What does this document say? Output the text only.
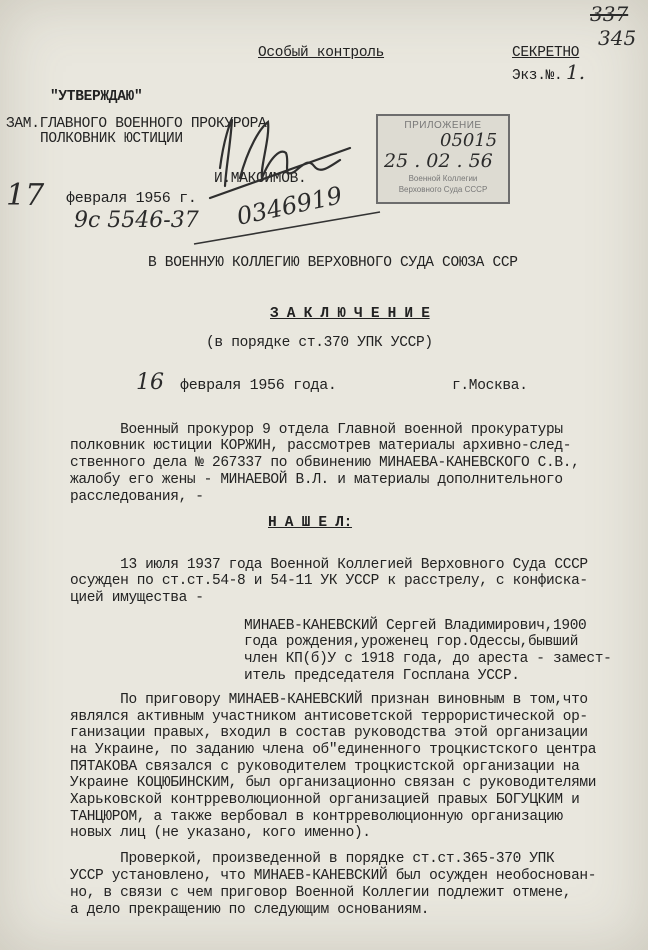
337
345
Особый контроль	СЕКРЕТНО
Экз.№. 1.
"УТВЕРЖДАЮ"
ЗАМ.ГЛАВНОГО ВОЕННОГО ПРОКУРОРА
ПОЛКОВНИК ЮСТИЦИИ
И.МАКСИМОВ.
17 февраля 1956 г.
9с 5546-37 0346919
ПРИЛОЖЕНИЕ
05015
25 . 02 . 56
Военной Коллегии
Верховного Суда СССР
В ВОЕННУЮ КОЛЛЕГИЮ ВЕРХОВНОГО СУДА СОЮЗА ССР
З А К Л Ю Ч Е Н И Е
(в порядке ст.370 УПК УССР)
16 февраля 1956 года.	г.Москва.
Военный прокурор 9 отдела Главной военной прокуратуры
полковник юстиции КОРЖИН, рассмотрев материалы архивно-след-
ственного дела № 267337 по обвинению МИНАЕВА-КАНЕВСКОГО С.В.,
жалобу его жены - МИНАЕВОЙ В.Л. и материалы дополнительного
расследования, -
Н А Ш Е Л:
13 июля 1937 года Военной Коллегией Верховного Суда СССР
осужден по ст.ст.54-8 и 54-11 УК УССР к расстрелу, с конфиска-
цией имущества -
МИНАЕВ-КАНЕВСКИЙ Сергей Владимирович,1900
года рождения,уроженец гор.Одессы,бывший
член КП(б)У с 1918 года, до ареста - замест-
итель председателя Госплана УССР.
По приговору МИНАЕВ-КАНЕВСКИЙ признан виновным в том,что
являлся активным участником антисоветской террористической ор-
ганизации правых, входил в состав руководства этой организации
на Украине, по заданию члена об"единенного троцкистского центра
ПЯТАКОВА связался с руководителем троцкистской организации на
Украине КОЦЮБИНСКИМ, был организационно связан с руководителями
Харьковской контрреволюционной организацией правых БОГУЦКИМ и
ТАНЦЮРОМ, а также вербовал в контрреволюционную организацию
новых лиц (не указано, кого именно).
Проверкой, произведенной в порядке ст.ст.365-370 УПК
УССР установлено, что МИНАЕВ-КАНЕВСКИЙ был осужден необоснован-
но, в связи с чем приговор Военной Коллегии подлежит отмене,
а дело прекращению по следующим основаниям.
